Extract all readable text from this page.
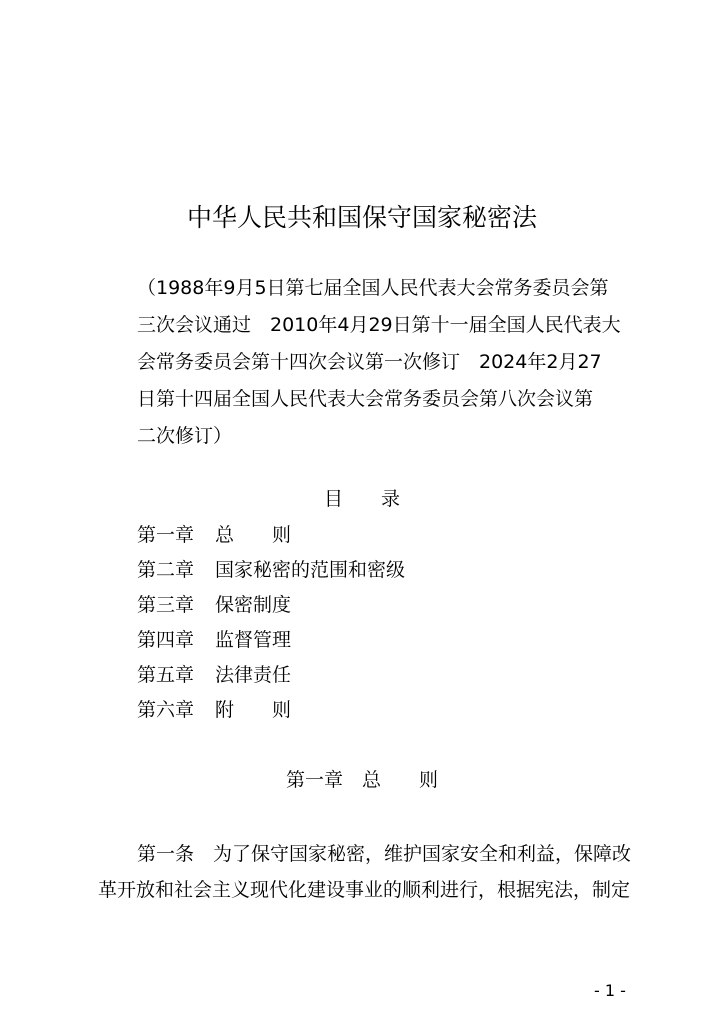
中华人民共和国保守国家秘密法
（1988年9月5日第七届全国人民代表大会常务委员会第
三次会议通过　2010年4月29日第十一届全国人民代表大
会常务委员会第十四次会议第一次修订　2024年2月27
日第十四届全国人民代表大会常务委员会第八次会议第
二次修订）
目　　录
第一章 总　　则
第二章 国家秘密的范围和密级
第三章 保密制度
第四章 监督管理
第五章 法律责任
第六章 附　　则
第一章　总　　则
第一条　为了保守国家秘密，维护国家安全和利益，保障改
革开放和社会主义现代化建设事业的顺利进行，根据宪法，制定
- 1 -
